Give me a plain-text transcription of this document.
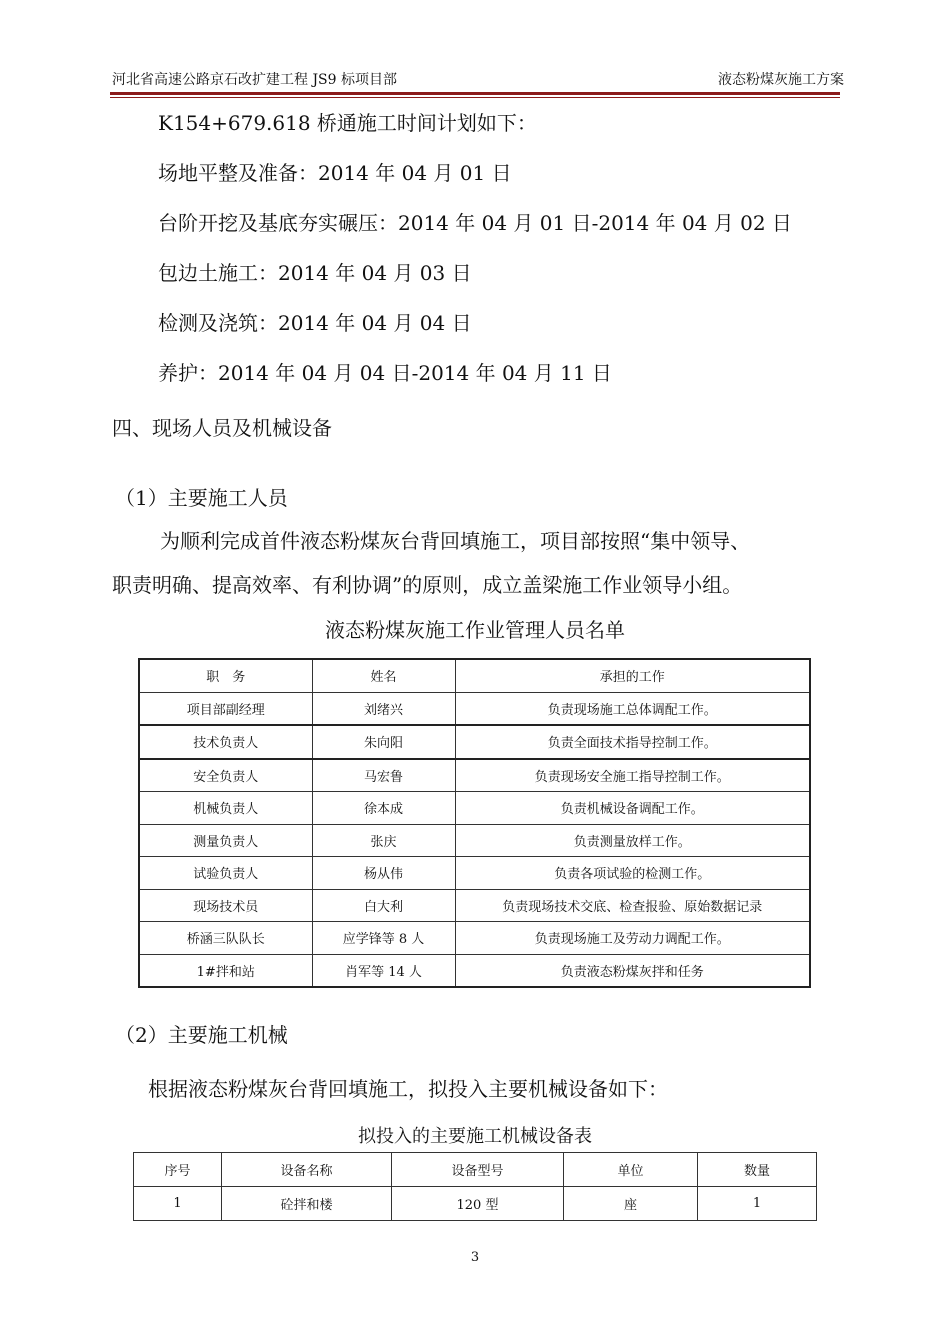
河北省高速公路京石改扩建工程 JS9 标项目部	液态粉煤灰施工方案
K154+679.618 桥通施工时间计划如下：
场地平整及准备：2014 年 04 月 01 日
台阶开挖及基底夯实碾压：2014 年 04 月 01 日-2014 年 04 月 02 日
包边土施工：2014 年 04 月 03 日
检测及浇筑：2014 年 04 月 04 日
养护：2014 年 04 月 04 日-2014 年 04 月 11 日
四、现场人员及机械设备
（1）主要施工人员
为顺利完成首件液态粉煤灰台背回填施工，项目部按照“集中领导、
职责明确、提高效率、有利协调”的原则，成立盖梁施工作业领导小组。
液态粉煤灰施工作业管理人员名单
职　务	姓名	承担的工作
项目部副经理	刘绪兴	负责现场施工总体调配工作。
技术负责人	朱向阳	负责全面技术指导控制工作。
安全负责人	马宏鲁	负责现场安全施工指导控制工作。
机械负责人	徐本成	负责机械设备调配工作。
测量负责人	张庆	负责测量放样工作。
试验负责人	杨从伟	负责各项试验的检测工作。
现场技术员	白大利	负责现场技术交底、检查报验、原始数据记录
桥涵三队队长	应学锋等 8 人	负责现场施工及劳动力调配工作。
1#拌和站	肖军等 14 人	负责液态粉煤灰拌和任务
（2）主要施工机械
根据液态粉煤灰台背回填施工，拟投入主要机械设备如下：
拟投入的主要施工机械设备表
序号	设备名称	设备型号	单位	数量
1	砼拌和楼	120 型	座	1
3
